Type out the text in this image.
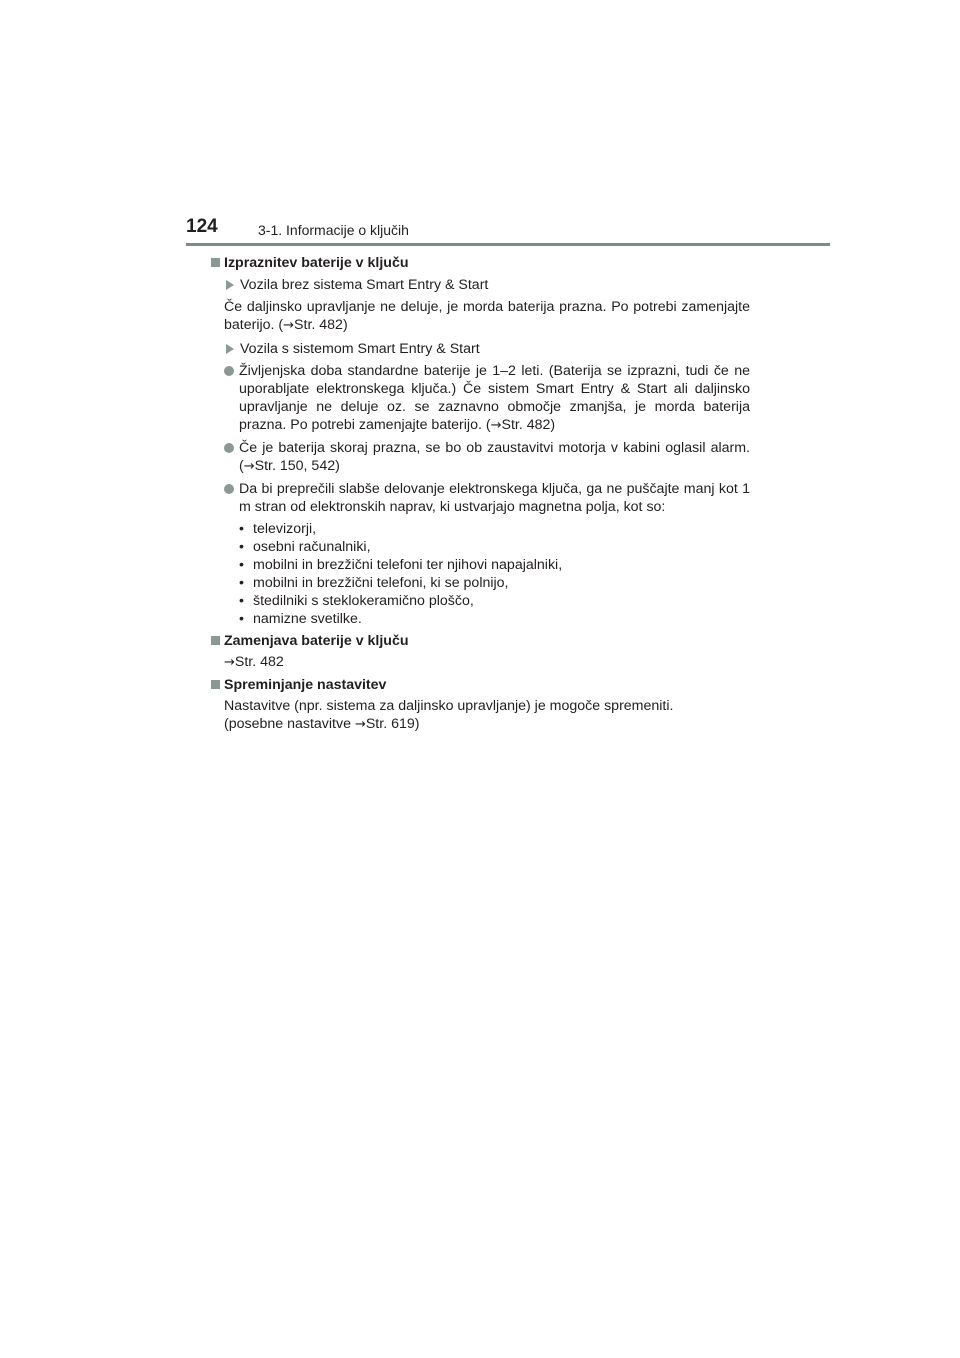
124	3-1. Informacije o ključih
Izpraznitev baterije v ključu
Vozila brez sistema Smart Entry & Start
Če daljinsko upravljanje ne deluje, je morda baterija prazna. Po potrebi zamenjajte baterijo. (→Str. 482)
Vozila s sistemom Smart Entry & Start
Življenjska doba standardne baterije je 1–2 leti. (Baterija se izprazni, tudi če ne uporabljate elektronskega ključa.) Če sistem Smart Entry & Start ali daljinsko upravljanje ne deluje oz. se zaznavno območje zmanjša, je morda baterija prazna. Po potrebi zamenjajte baterijo. (→Str. 482)
Če je baterija skoraj prazna, se bo ob zaustavitvi motorja v kabini oglasil alarm. (→Str. 150, 542)
Da bi preprečili slabše delovanje elektronskega ključa, ga ne puščajte manj kot 1 m stran od elektronskih naprav, ki ustvarjajo magnetna polja, kot so:
• televizorji,
• osebni računalniki,
• mobilni in brezžični telefoni ter njihovi napajalniki,
• mobilni in brezžični telefoni, ki se polnijo,
• štedilniki s steklokeramično ploščo,
• namizne svetilke.
Zamenjava baterije v ključu
→Str. 482
Spreminjanje nastavitev
Nastavitve (npr. sistema za daljinsko upravljanje) je mogoče spremeniti.
(posebne nastavitve →Str. 619)
